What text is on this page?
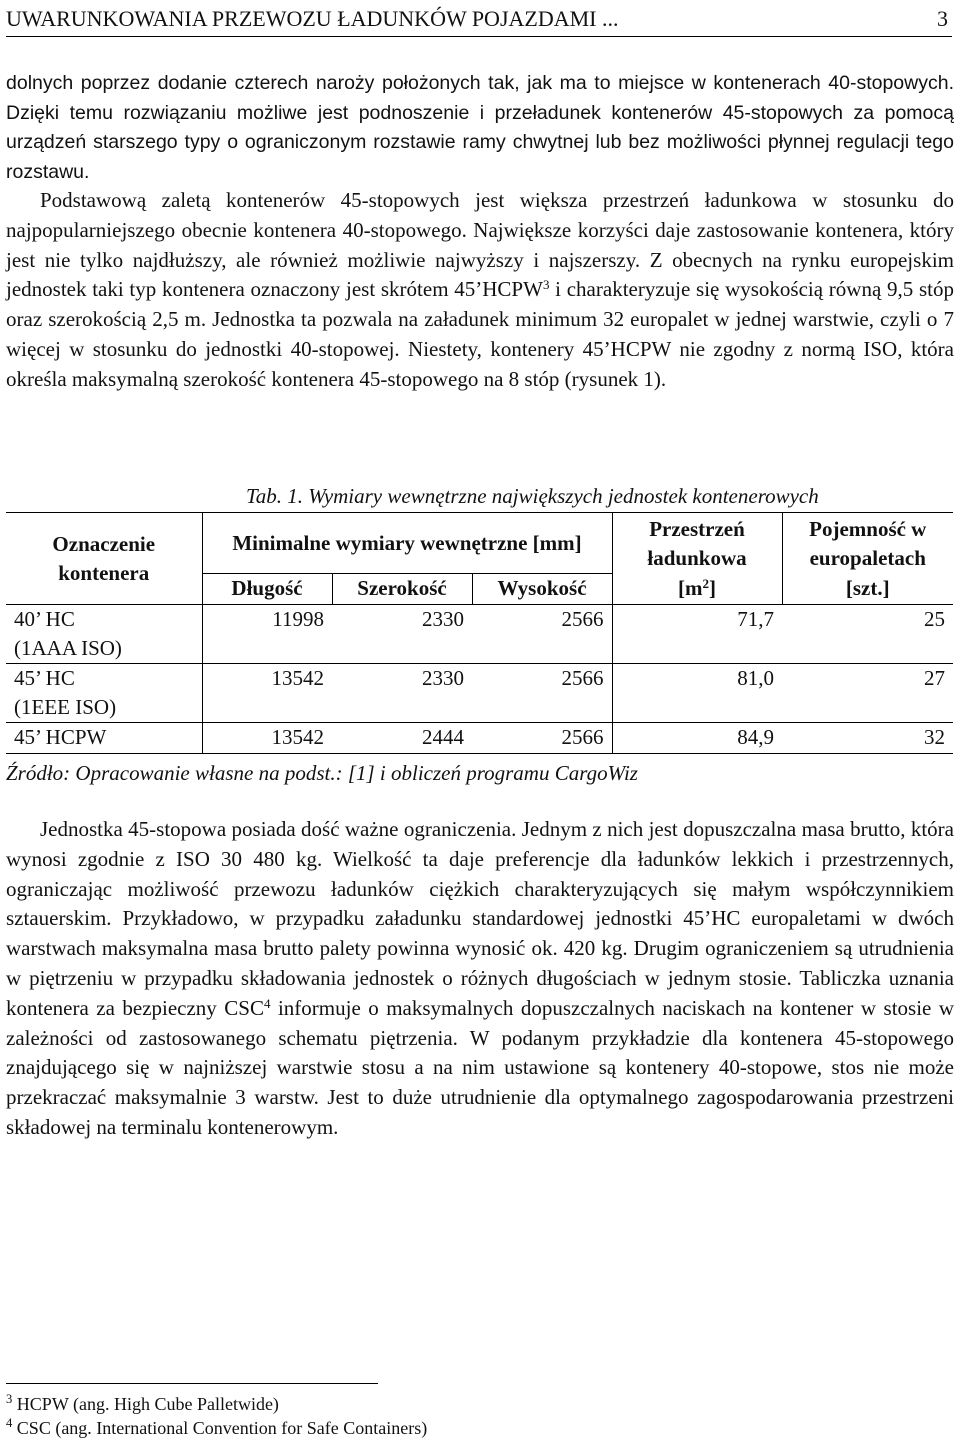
UWARUNKOWANIA PRZEWOZU ŁADUNKÓW POJAZDAMI ...	3

dolnych poprzez dodanie czterech naroży położonych tak, jak ma to miejsce w kontenerach 40-stopowych. Dzięki temu rozwiązaniu możliwe jest podnoszenie i przeładunek kontenerów 45-stopowych za pomocą urządzeń starszego typy o ograniczonym rozstawie ramy chwytnej lub bez możliwości płynnej regulacji tego rozstawu.

Podstawową zaletą kontenerów 45-stopowych jest większa przestrzeń ładunkowa w stosunku do najpopularniejszego obecnie kontenera 40-stopowego. Największe korzyści daje zastosowanie kontenera, który jest nie tylko najdłuższy, ale również możliwie najwyższy i najszerszy. Z obecnych na rynku europejskim jednostek taki typ kontenera oznaczony jest skrótem 45’HCPW$^3$ i charakteryzuje się wysokością równą 9,5 stóp oraz szerokością 2,5 m. Jednostka ta pozwala na załadunek minimum 32 europalet w jednej warstwie, czyli o 7 więcej w stosunku do jednostki 40-stopowej. Niestety, kontenery 45’HCPW nie zgodny z normą ISO, która określa maksymalną szerokość kontenera 45-stopowego na 8 stóp (rysunek 1).

Tab. 1. Wymiary wewnętrzne największych jednostek kontenerowych
Oznaczenie kontenera	Minimalne wymiary wewnętrzne [mm]			Przestrzeń ładunkowa	Pojemność w europaletach
	Długość	Szerokość	Wysokość	$[m^2]$	[szt.]
40’ HC
(1AAA ISO)	11998	2330	2566	71,7	25
45’ HC
(1EEE ISO)	13542	2330	2566	81,0	27
45’ HCPW	13542	2444	2566	84,9	32
Źródło: Opracowanie własne na podst.: [1] i obliczeń programu CargoWiz

Jednostka 45-stopowa posiada dość ważne ograniczenia. Jednym z nich jest dopuszczalna masa brutto, która wynosi zgodnie z ISO 30 480 kg. Wielkość ta daje preferencje dla ładunków lekkich i przestrzennych, ograniczając możliwość przewozu ładunków ciężkich charakteryzujących się małym współczynnikiem sztauerskim. Przykładowo, w przypadku załadunku standardowej jednostki 45’HC europaletami w dwóch warstwach maksymalna masa brutto palety powinna wynosić ok. 420 kg. Drugim ograniczeniem są utrudnienia w piętrzeniu w przypadku składowania jednostek o różnych długościach w jednym stosie. Tabliczka uznania kontenera za bezpieczny CSC$^4$ informuje o maksymalnych dopuszczalnych naciskach na kontener w stosie w zależności od zastosowanego schematu piętrzenia. W podanym przykładzie dla kontenera 45-stopowego znajdującego się w najniższej warstwie stosu a na nim ustawione są kontenery 40-stopowe, stos nie może przekraczać maksymalnie 3 warstw. Jest to duże utrudnienie dla optymalnego zagospodarowania przestrzeni składowej na terminalu kontenerowym.

$^3$ HCPW (ang. High Cube Palletwide)
$^4$ CSC (ang. International Convention for Safe Containers)
